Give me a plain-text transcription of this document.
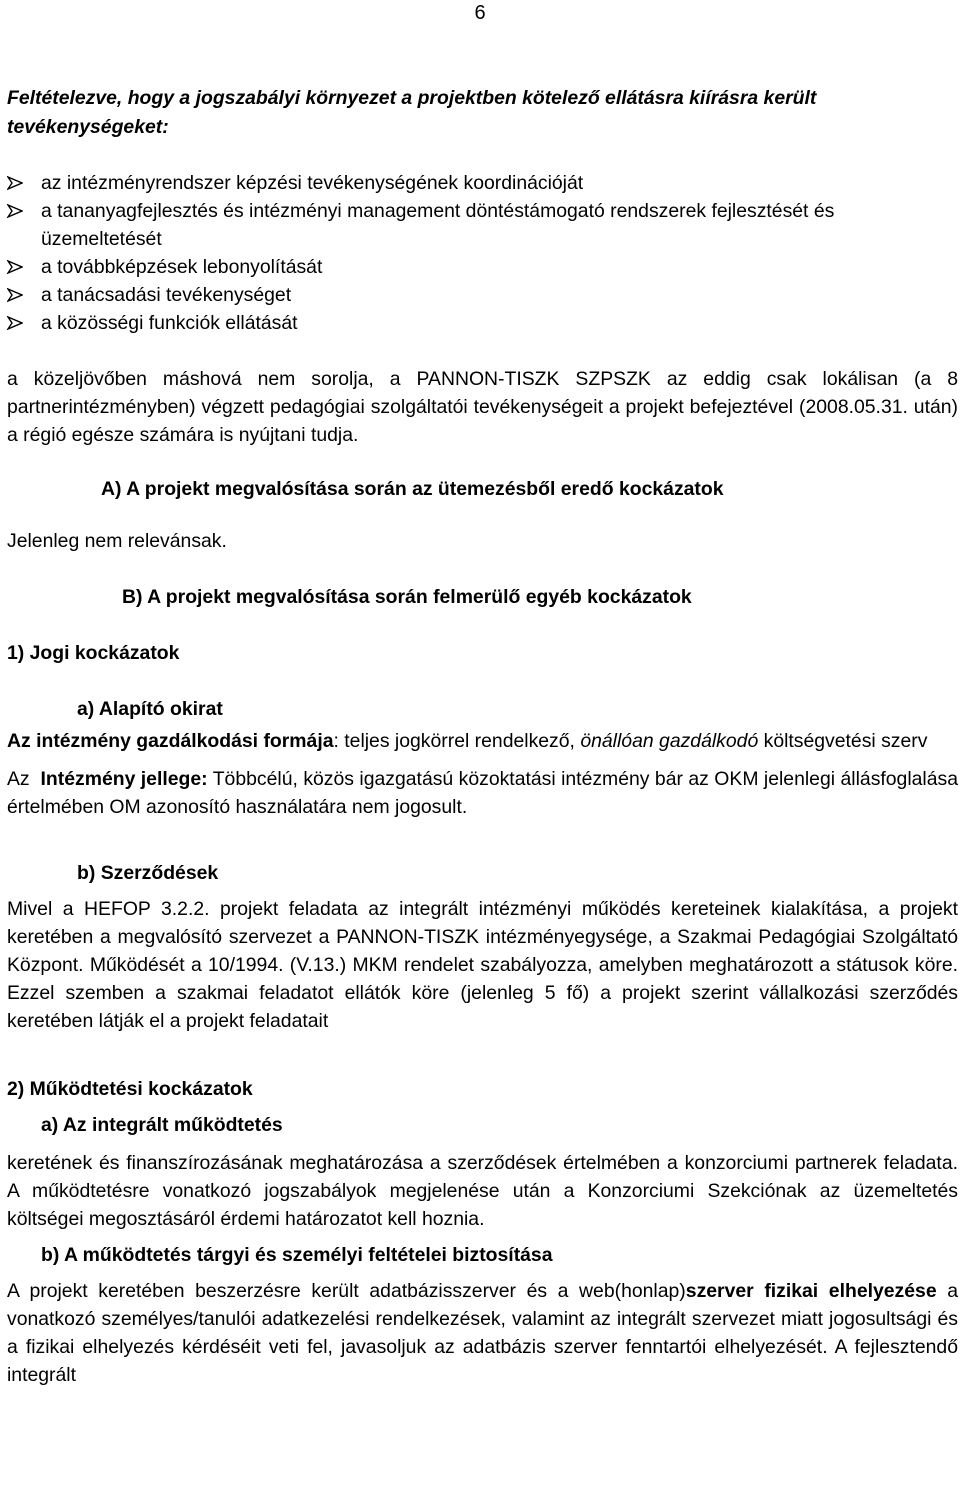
6

Feltételezve, hogy a jogszabályi környezet a projektben kötelező ellátásra kiírásra került tevékenységeket:

az intézményrendszer képzési tevékenységének koordinációját
a tananyagfejlesztés és intézményi management döntéstámogató rendszerek fejlesztését és üzemeltetését
a továbbképzések lebonyolítását
a tanácsadási tevékenységet
a közösségi funkciók ellátását

a közeljövőben máshová nem sorolja, a PANNON-TISZK SZPSZK az eddig csak lokálisan (a 8 partnerintézményben) végzett pedagógiai szolgáltatói tevékenységeit a projekt befejeztével (2008.05.31. után) a régió egésze számára is nyújtani tudja.

A) A projekt megvalósítása során az ütemezésből eredő kockázatok

Jelenleg nem relevánsak.

B) A projekt megvalósítása során felmerülő egyéb kockázatok

1) Jogi kockázatok

a) Alapító okirat

Az intézmény gazdálkodási formája: teljes jogkörrel rendelkező, önállóan gazdálkodó költségvetési szerv

Az Intézmény jellege: Többcélú, közös igazgatású közoktatási intézmény bár az OKM jelenlegi állásfoglalása értelmében OM azonosító használatára nem jogosult.

b) Szerződések

Mivel a HEFOP 3.2.2. projekt feladata az integrált intézményi működés kereteinek kialakítása, a projekt keretében a megvalósító szervezet a PANNON-TISZK intézményegysége, a Szakmai Pedagógiai Szolgáltató Központ. Működését a 10/1994. (V.13.) MKM rendelet szabályozza, amelyben meghatározott a státusok köre. Ezzel szemben a szakmai feladatot ellátók köre (jelenleg 5 fő) a projekt szerint vállalkozási szerződés keretében látják el a projekt feladatait

2) Működtetési kockázatok

a) Az integrált működtetés

keretének és finanszírozásának meghatározása a szerződések értelmében a konzorciumi partnerek feladata. A működtetésre vonatkozó jogszabályok megjelenése után a Konzorciumi Szekciónak az üzemeltetés költségei megosztásáról érdemi határozatot kell hoznia.

b) A működtetés tárgyi és személyi feltételei biztosítása

A projekt keretében beszerzésre került adatbázisszerver és a web(honlap)szerver fizikai elhelyezése a vonatkozó személyes/tanulói adatkezelési rendelkezések, valamint az integrált szervezet miatt jogosultsági és a fizikai elhelyezés kérdéséit veti fel, javasoljuk az adatbázis szerver fenntartói elhelyezését. A fejlesztendő integrált
